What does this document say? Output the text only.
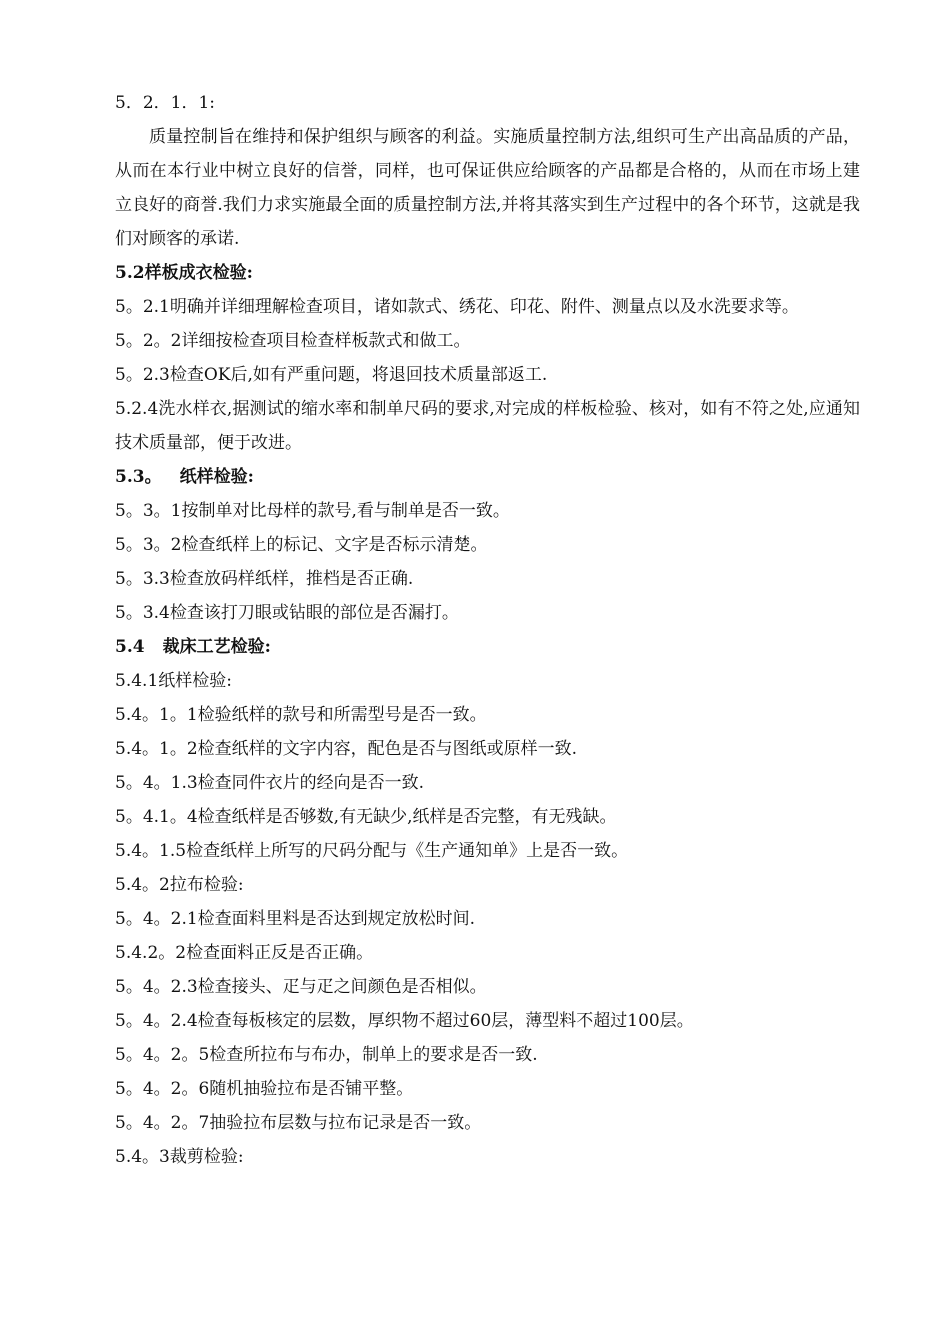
5．2．1．1:
质量控制旨在维持和保护组织与顾客的利益。实施质量控制方法,组织可生产出高品质的产品，从而在本行业中树立良好的信誉，同样，也可保证供应给顾客的产品都是合格的，从而在市场上建立良好的商誉.我们力求实施最全面的质量控制方法,并将其落实到生产过程中的各个环节，这就是我们对顾客的承诺.
5.2样板成衣检验:
5。2.1明确并详细理解检查项目，诸如款式、绣花、印花、附件、测量点以及水洗要求等。
5。2。2详细按检查项目检查样板款式和做工。
5。2.3检查OK后,如有严重问题，将退回技术质量部返工.
5.2.4洗水样衣,据测试的缩水率和制单尺码的要求,对完成的样板检验、核对，如有不符之处,应通知技术质量部，便于改进。
5.3。 纸样检验:
5。3。1按制单对比母样的款号,看与制单是否一致。
5。3。2检查纸样上的标记、文字是否标示清楚。
5。3.3检查放码样纸样，推档是否正确.
5。3.4检查该打刀眼或钻眼的部位是否漏打。
5.4 裁床工艺检验:
5.4.1纸样检验:
5.4。1。1检验纸样的款号和所需型号是否一致。
5.4。1。2检查纸样的文字内容，配色是否与图纸或原样一致.
5。4。1.3检查同件衣片的经向是否一致.
5。4.1。4检查纸样是否够数,有无缺少,纸样是否完整，有无残缺。
5.4。1.5检查纸样上所写的尺码分配与《生产通知单》上是否一致。
5.4。2拉布检验:
5。4。2.1检查面料里料是否达到规定放松时间.
5.4.2。2检查面料正反是否正确。
5。4。2.3检查接头、疋与疋之间颜色是否相似。
5。4。2.4检查每板核定的层数，厚织物不超过60层，薄型料不超过100层。
5。4。2。5检查所拉布与布办，制单上的要求是否一致.
5。4。2。6随机抽验拉布是否铺平整。
5。4。2。7抽验拉布层数与拉布记录是否一致。
5.4。3裁剪检验:
